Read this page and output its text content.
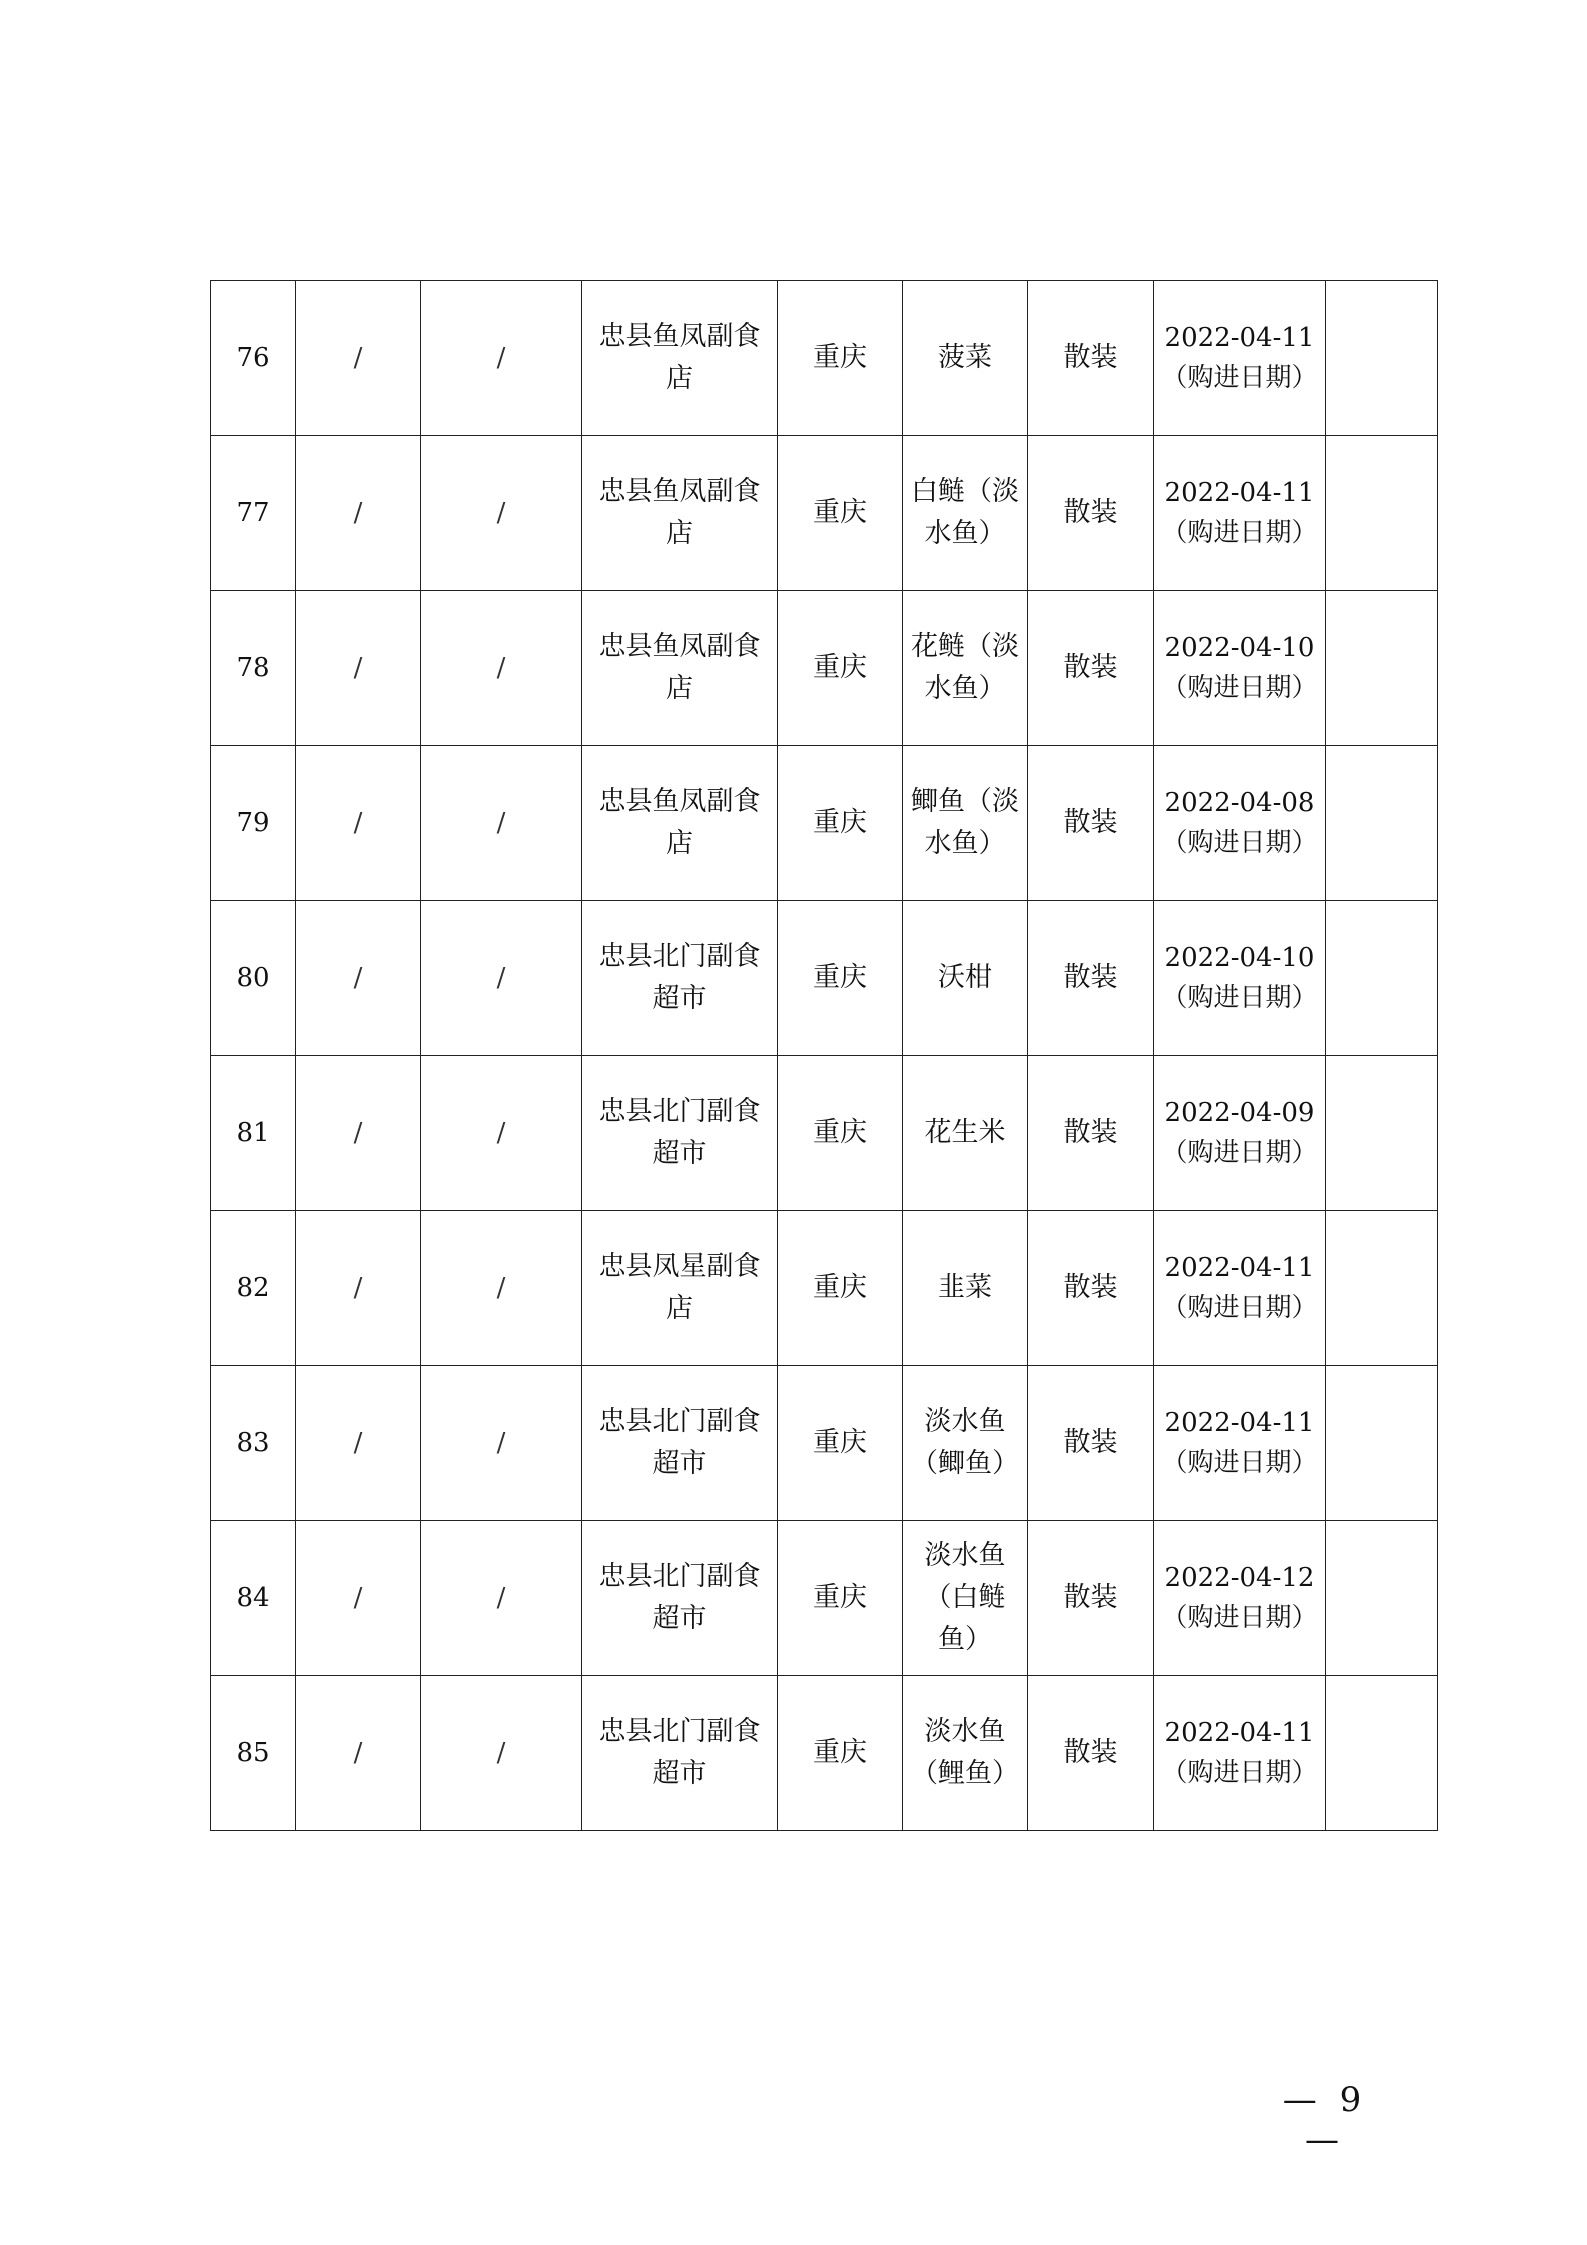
76	/	/	忠县鱼凤副食店	重庆	菠菜	散装	2022-04-11
（购进日期）	
77	/	/	忠县鱼凤副食店	重庆	白鲢（淡水鱼）	散装	2022-04-11
（购进日期）	
78	/	/	忠县鱼凤副食店	重庆	花鲢（淡水鱼）	散装	2022-04-10
（购进日期）	
79	/	/	忠县鱼凤副食店	重庆	鲫鱼（淡水鱼）	散装	2022-04-08
（购进日期）	
80	/	/	忠县北门副食超市	重庆	沃柑	散装	2022-04-10
（购进日期）	
81	/	/	忠县北门副食超市	重庆	花生米	散装	2022-04-09
（购进日期）	
82	/	/	忠县凤星副食店	重庆	韭菜	散装	2022-04-11
（购进日期）	
83	/	/	忠县北门副食超市	重庆	淡水鱼（鲫鱼）	散装	2022-04-11
（购进日期）	
84	/	/	忠县北门副食超市	重庆	淡水鱼（白鲢鱼）	散装	2022-04-12
（购进日期）	
85	/	/	忠县北门副食超市	重庆	淡水鱼（鲤鱼）	散装	2022-04-11
（购进日期）	
— 9 —
